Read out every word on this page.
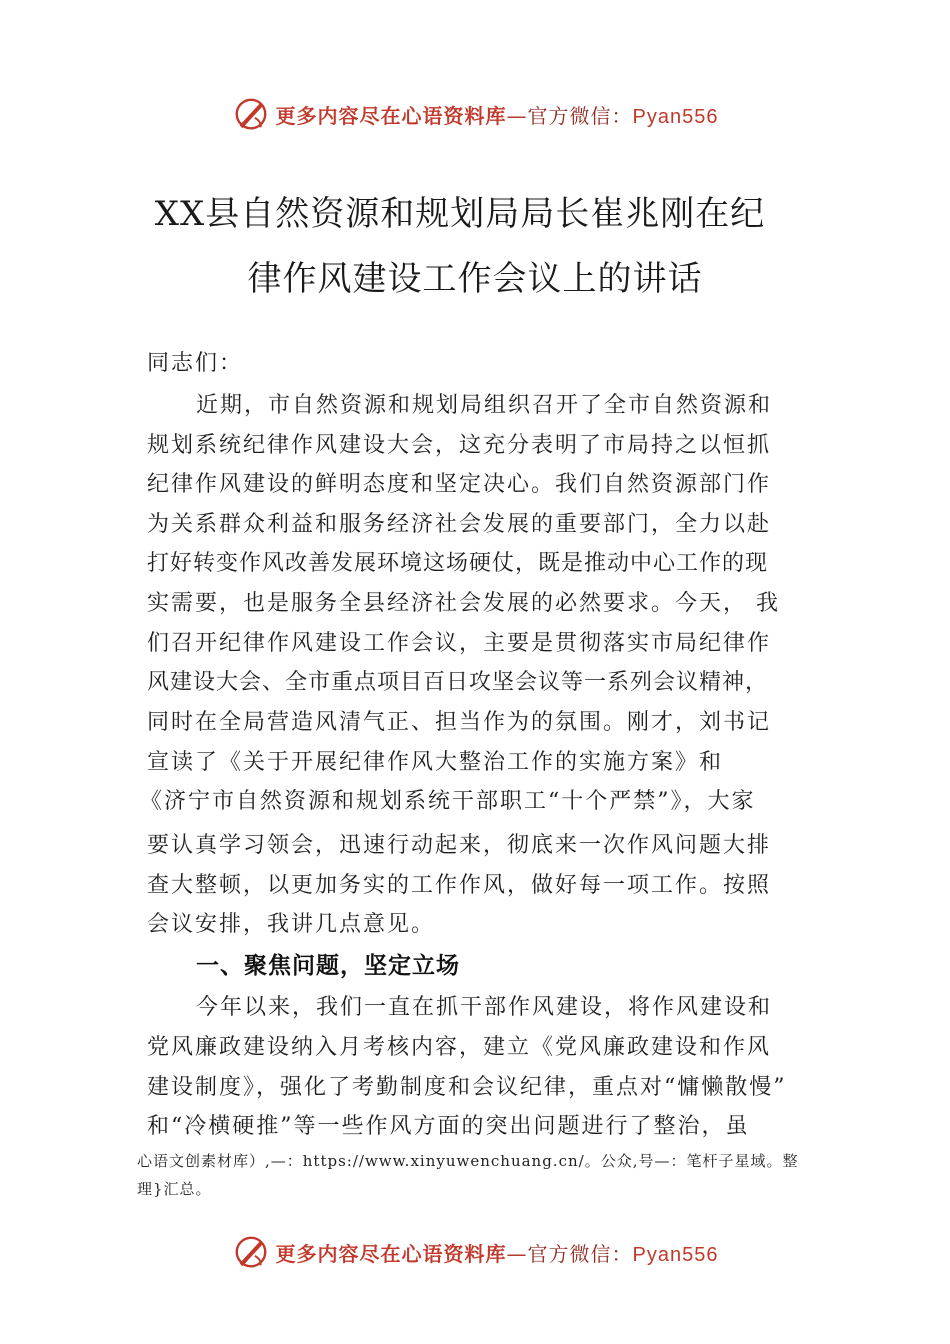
更多内容尽在心语资料库—官方微信：Pyan556
XX县自然资源和规划局局长崔兆刚在纪
律作风建设工作会议上的讲话
同志们：
近期，市自然资源和规划局组织召开了全市自然资源和
规划系统纪律作风建设大会，这充分表明了市局持之以恒抓
纪律作风建设的鲜明态度和坚定决心。我们自然资源部门作
为关系群众利益和服务经济社会发展的重要部门，全力以赴
打好转变作风改善发展环境这场硬仗，既是推动中心工作的现
实需要，也是服务全县经济社会发展的必然要求。今天， 我
们召开纪律作风建设工作会议，主要是贯彻落实市局纪律作
风建设大会、全市重点项目百日攻坚会议等一系列会议精神，
同时在全局营造风清气正、担当作为的氛围。刚才，刘书记
宣读了《关于开展纪律作风大整治工作的实施方案》和
《济宁市自然资源和规划系统干部职工“十个严禁”》，大家
要认真学习领会，迅速行动起来，彻底来一次作风问题大排
查大整顿，以更加务实的工作作风，做好每一项工作。按照
会议安排，我讲几点意见。
一、聚焦问题，坚定立场
今年以来，我们一直在抓干部作风建设，将作风建设和
党风廉政建设纳入月考核内容，建立《党风廉政建设和作风
建设制度》，强化了考勤制度和会议纪律，重点对“慵懒散慢”
和“冷横硬推”等一些作风方面的突出问题进行了整治，虽
心语文创素材库）,—：https://www.xinyuwenchuang.cn/。公众,号—：笔杆子星域。整
理}汇总。
更多内容尽在心语资料库—官方微信：Pyan556
